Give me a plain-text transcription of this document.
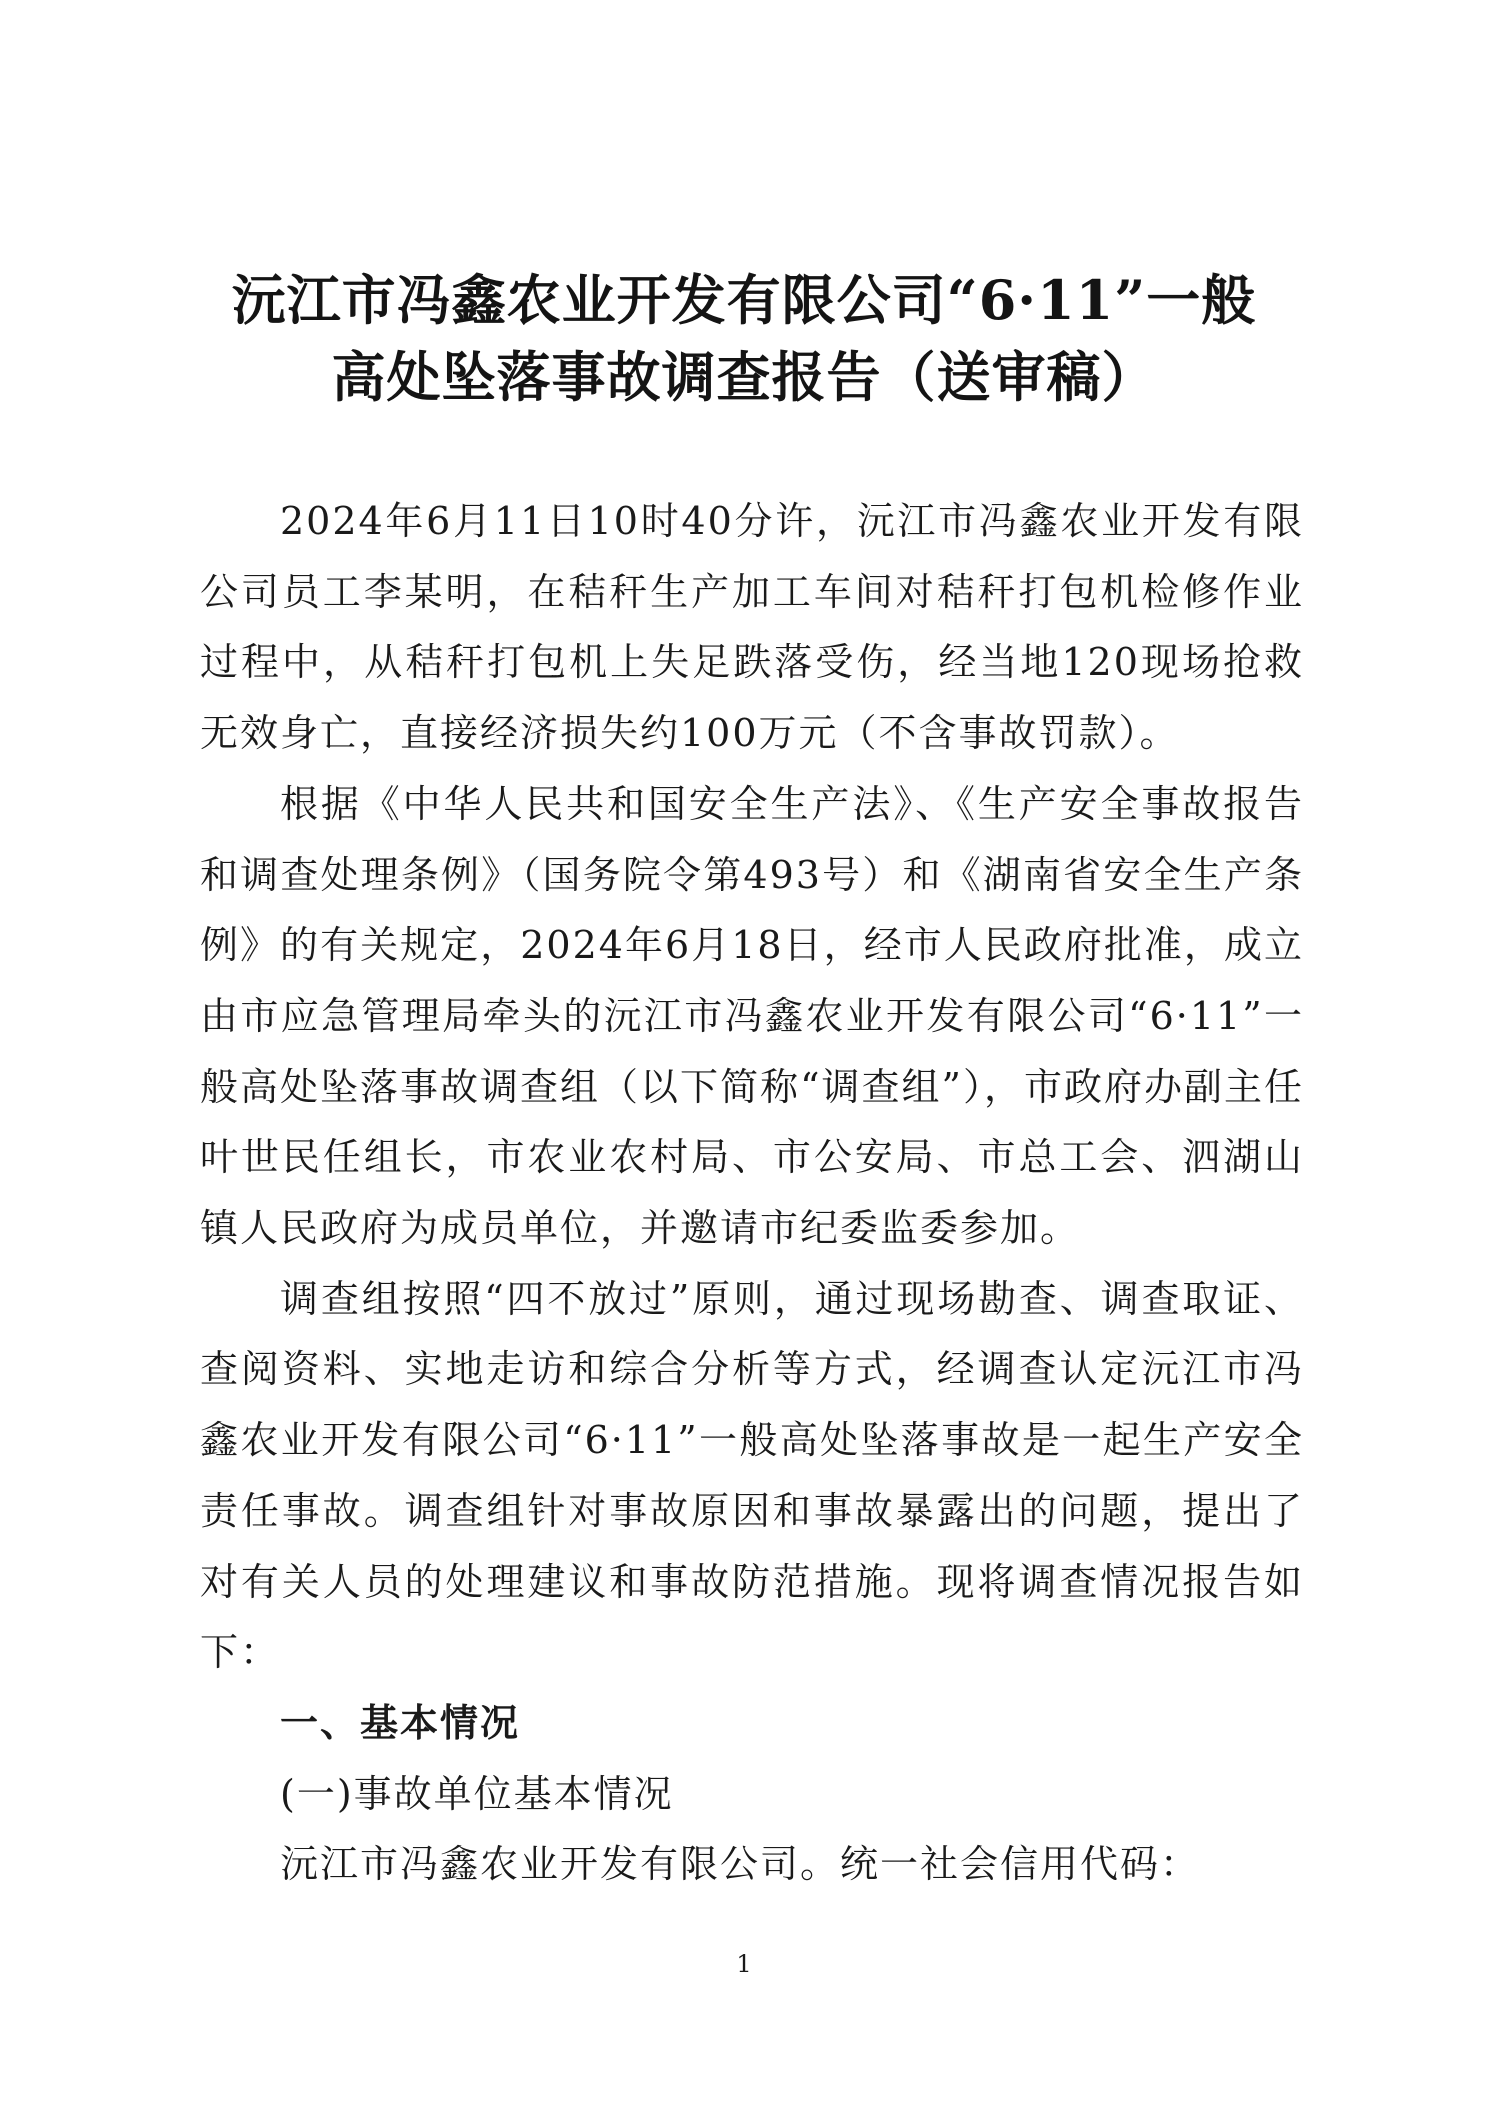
沅江市冯鑫农业开发有限公司“6·11”一般
高处坠落事故调查报告（送审稿）

2024年6月11日10时40分许，沅江市冯鑫农业开发有限公司员工李某明，在秸秆生产加工车间对秸秆打包机检修作业过程中，从秸秆打包机上失足跌落受伤，经当地120现场抢救无效身亡，直接经济损失约100万元（不含事故罚款）。

根据《中华人民共和国安全生产法》、《生产安全事故报告和调查处理条例》（国务院令第493号）和《湖南省安全生产条例》的有关规定，2024年6月18日，经市人民政府批准，成立由市应急管理局牵头的沅江市冯鑫农业开发有限公司“6·11”一般高处坠落事故调查组（以下简称“调查组”），市政府办副主任叶世民任组长，市农业农村局、市公安局、市总工会、泗湖山镇人民政府为成员单位，并邀请市纪委监委参加。

调查组按照“四不放过”原则，通过现场勘查、调查取证、查阅资料、实地走访和综合分析等方式，经调查认定沅江市冯鑫农业开发有限公司“6·11”一般高处坠落事故是一起生产安全责任事故。调查组针对事故原因和事故暴露出的问题，提出了对有关人员的处理建议和事故防范措施。现将调查情况报告如下：

一、基本情况
(一)事故单位基本情况

沅江市冯鑫农业开发有限公司。统一社会信用代码：

1
